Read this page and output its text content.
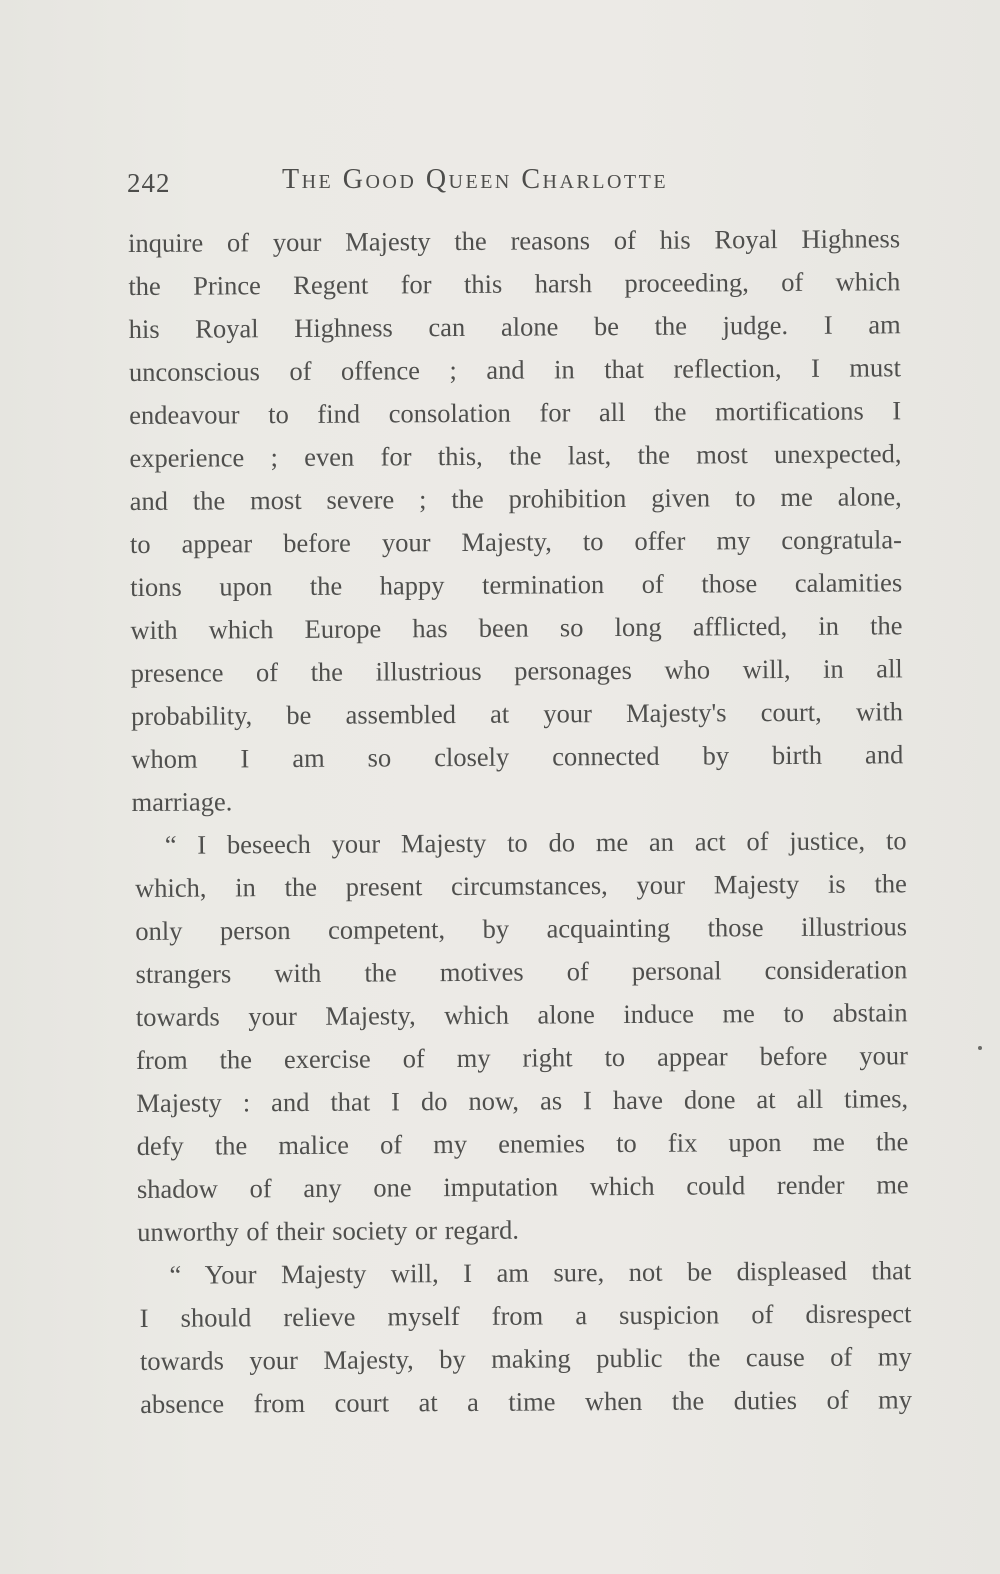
242	The Good Queen Charlotte
inquire of your Majesty the reasons of his Royal Highness
the Prince Regent for this harsh proceeding, of which
his Royal Highness can alone be the judge. I am
unconscious of offence ; and in that reflection, I must
endeavour to find consolation for all the mortifications I
experience ; even for this, the last, the most unexpected,
and the most severe ; the prohibition given to me alone,
to appear before your Majesty, to offer my congratula-
tions upon the happy termination of those calamities
with which Europe has been so long afflicted, in the
presence of the illustrious personages who will, in all
probability, be assembled at your Majesty's court, with
whom I am so closely connected by birth and
marriage.
“ I beseech your Majesty to do me an act of justice, to
which, in the present circumstances, your Majesty is the
only person competent, by acquainting those illustrious
strangers with the motives of personal consideration
towards your Majesty, which alone induce me to abstain
from the exercise of my right to appear before your
Majesty : and that I do now, as I have done at all times,
defy the malice of my enemies to fix upon me the
shadow of any one imputation which could render me
unworthy of their society or regard.
“ Your Majesty will, I am sure, not be displeased that
I should relieve myself from a suspicion of disrespect
towards your Majesty, by making public the cause of my
absence from court at a time when the duties of my
